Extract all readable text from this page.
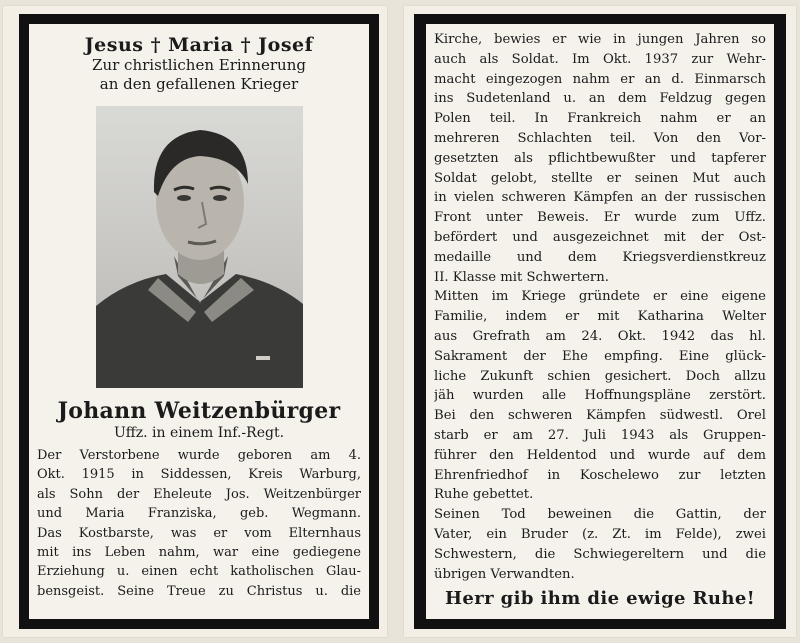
Jesus † Maria † Josef
Zur christlichen Erinnerung
an den gefallenen Krieger
Johann Weitzenbürger
Uffz. in einem Inf.-Regt.
Der Verstorbene wurde geboren am 4.
Okt. 1915 in Siddessen, Kreis Warburg,
als Sohn der Eheleute Jos. Weitzenbürger
und Maria Franziska, geb. Wegmann.
Das Kostbarste, was er vom Elternhaus
mit ins Leben nahm, war eine gediegene
Erziehung u. einen echt katholischen Glau-
bensgeist. Seine Treue zu Christus u. die
Kirche, bewies er wie in jungen Jahren so
auch als Soldat. Im Okt. 1937 zur Wehr-
macht eingezogen nahm er an d. Einmarsch
ins Sudetenland u. an dem Feldzug gegen
Polen teil. In Frankreich nahm er an
mehreren Schlachten teil. Von den Vor-
gesetzten als pflichtbewußter und tapferer
Soldat gelobt, stellte er seinen Mut auch
in vielen schweren Kämpfen an der russischen
Front unter Beweis. Er wurde zum Uffz.
befördert und ausgezeichnet mit der Ost-
medaille und dem Kriegsverdienstkreuz
II. Klasse mit Schwertern.
Mitten im Kriege gründete er eine eigene
Familie, indem er mit Katharina Welter
aus Grefrath am 24. Okt. 1942 das hl.
Sakrament der Ehe empfing. Eine glück-
liche Zukunft schien gesichert. Doch allzu
jäh wurden alle Hoffnungspläne zerstört.
Bei den schweren Kämpfen südwestl. Orel
starb er am 27. Juli 1943 als Gruppen-
führer den Heldentod und wurde auf dem
Ehrenfriedhof in Koschelewo zur letzten
Ruhe gebettet.
Seinen Tod beweinen die Gattin, der
Vater, ein Bruder (z. Zt. im Felde), zwei
Schwestern, die Schwiegereltern und die
übrigen Verwandten.
Herr gib ihm die ewige Ruhe!
